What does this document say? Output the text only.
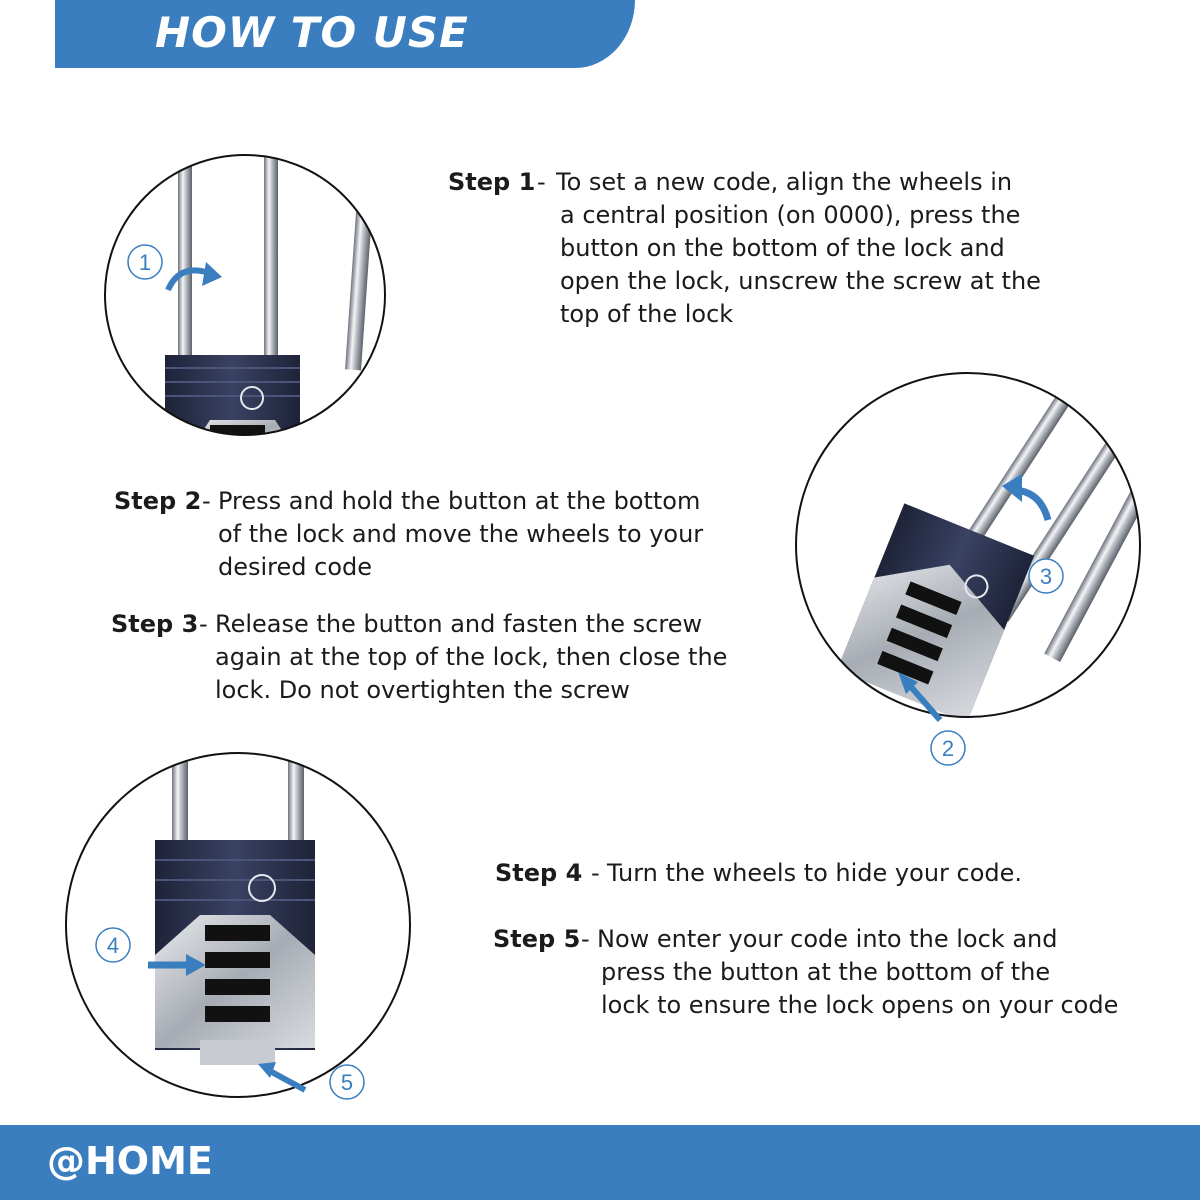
HOW TO USE
Step 1 - To set a new code, align the wheels in
a central position (on 0000), press the
button on the bottom of the lock and
open the lock, unscrew the screw at the
top of the lock
Step 2 - Press and hold the button at the bottom
of the lock and move the wheels to your
desired code
Step 3 - Release the button and fasten the screw
again at the top of the lock, then close the
lock. Do not overtighten the screw
Step 4 - Turn the wheels to hide your code.
Step 5 - Now enter your code into the lock and
press the button at the bottom of the
lock to ensure the lock opens on your code
1
2
3
4
5
@HOME
